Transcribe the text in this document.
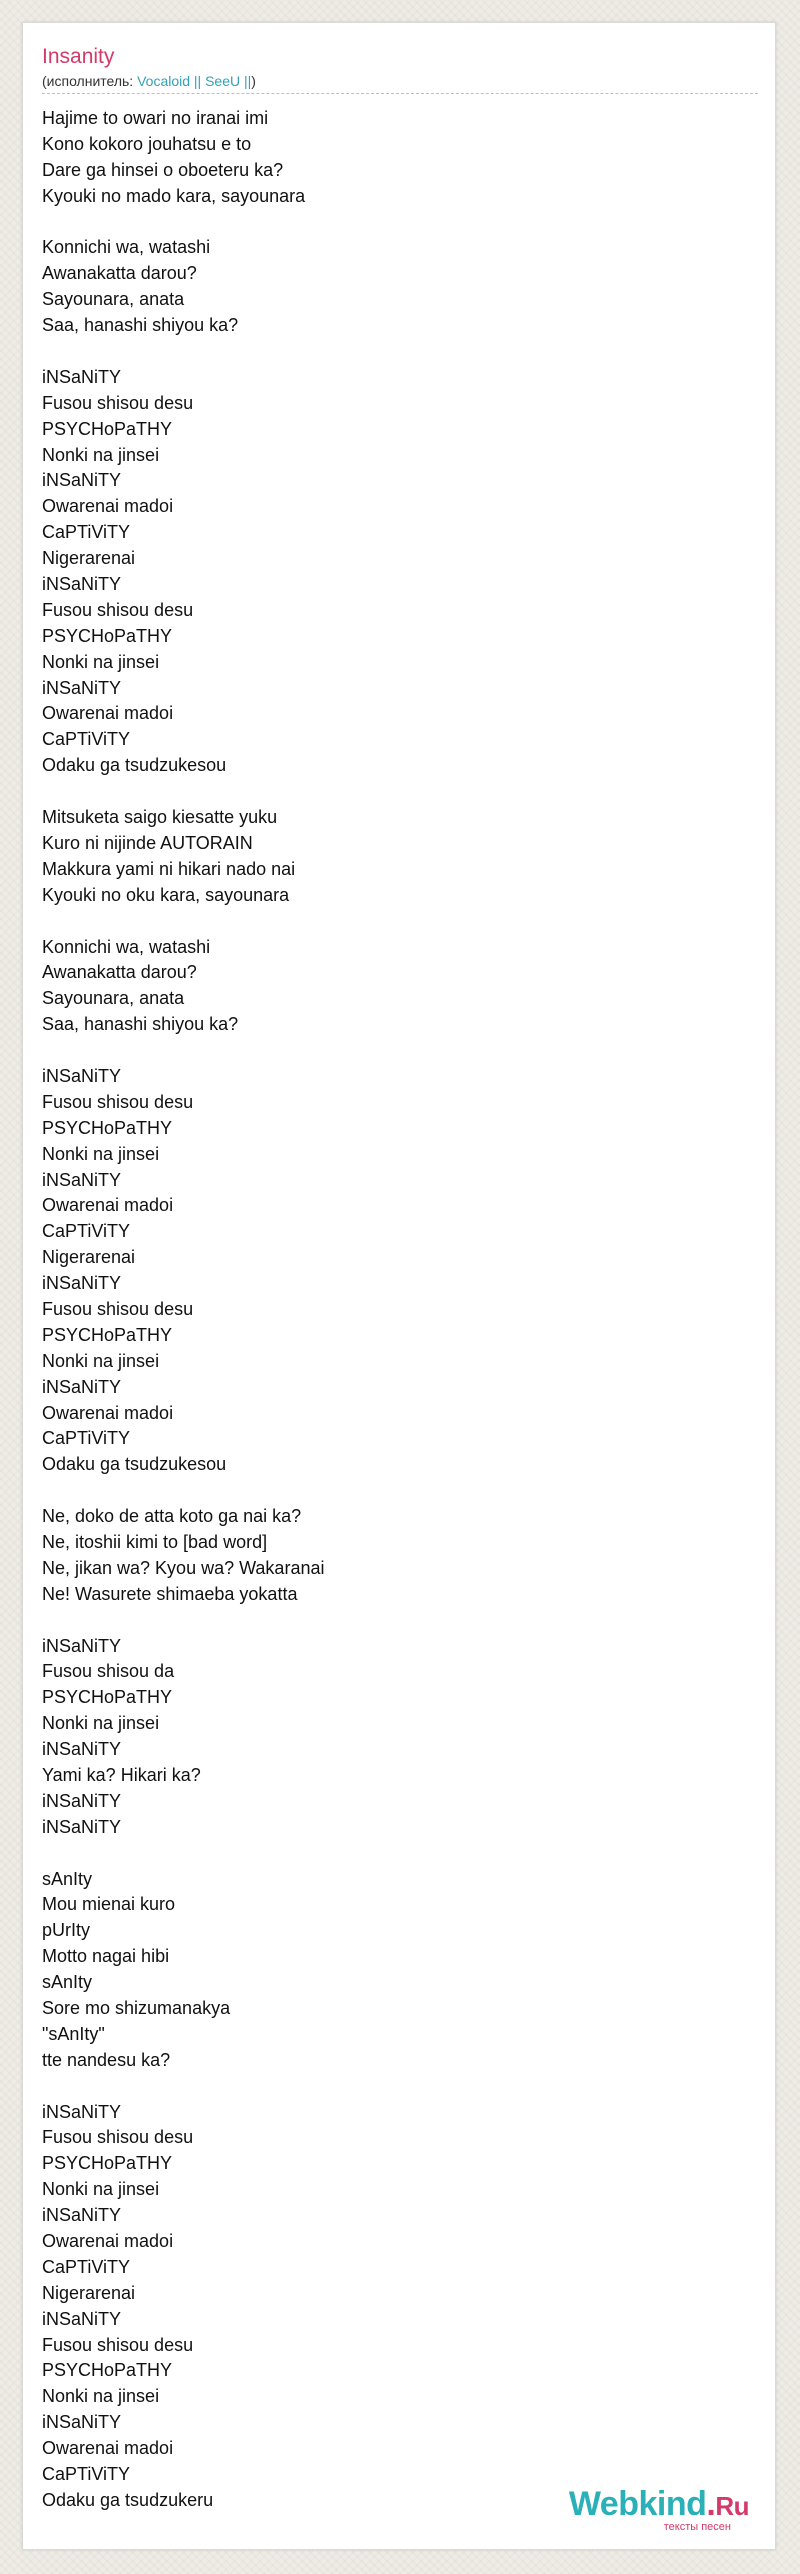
Insanity
(исполнитель: Vocaloid || SeeU ||)
Hajime to owari no iranai imi
Kono kokoro jouhatsu e to
Dare ga hinsei o oboeteru ka?
Kyouki no mado kara, sayounara
Konnichi wa, watashi
Awanakatta darou?
Sayounara, anata
Saa, hanashi shiyou ka?
iNSaNiTY
Fusou shisou desu
PSYCHoPaTHY
Nonki na jinsei
iNSaNiTY
Owarenai madoi
CaPTiViTY
Nigerarenai
iNSaNiTY
Fusou shisou desu
PSYCHoPaTHY
Nonki na jinsei
iNSaNiTY
Owarenai madoi
CaPTiViTY
Odaku ga tsudzukesou
Mitsuketa saigo kiesatte yuku
Kuro ni nijinde AUTORAIN
Makkura yami ni hikari nado nai
Kyouki no oku kara, sayounara
Konnichi wa, watashi
Awanakatta darou?
Sayounara, anata
Saa, hanashi shiyou ka?
iNSaNiTY
Fusou shisou desu
PSYCHoPaTHY
Nonki na jinsei
iNSaNiTY
Owarenai madoi
CaPTiViTY
Nigerarenai
iNSaNiTY
Fusou shisou desu
PSYCHoPaTHY
Nonki na jinsei
iNSaNiTY
Owarenai madoi
CaPTiViTY
Odaku ga tsudzukesou
Ne, doko de atta koto ga nai ka?
Ne, itoshii kimi to [bad word]
Ne, jikan wa? Kyou wa? Wakaranai
Ne! Wasurete shimaeba yokatta
iNSaNiTY
Fusou shisou da
PSYCHoPaTHY
Nonki na jinsei
iNSaNiTY
Yami ka? Hikari ka?
iNSaNiTY
iNSaNiTY
sAnIty
Mou mienai kuro
pUrIty
Motto nagai hibi
sAnIty
Sore mo shizumanakya
"sAnIty"
tte nandesu ka?
iNSaNiTY
Fusou shisou desu
PSYCHoPaTHY
Nonki na jinsei
iNSaNiTY
Owarenai madoi
CaPTiViTY
Nigerarenai
iNSaNiTY
Fusou shisou desu
PSYCHoPaTHY
Nonki na jinsei
iNSaNiTY
Owarenai madoi
CaPTiViTY
Odaku ga tsudzukeru	Webkind.Ru
тексты песен
